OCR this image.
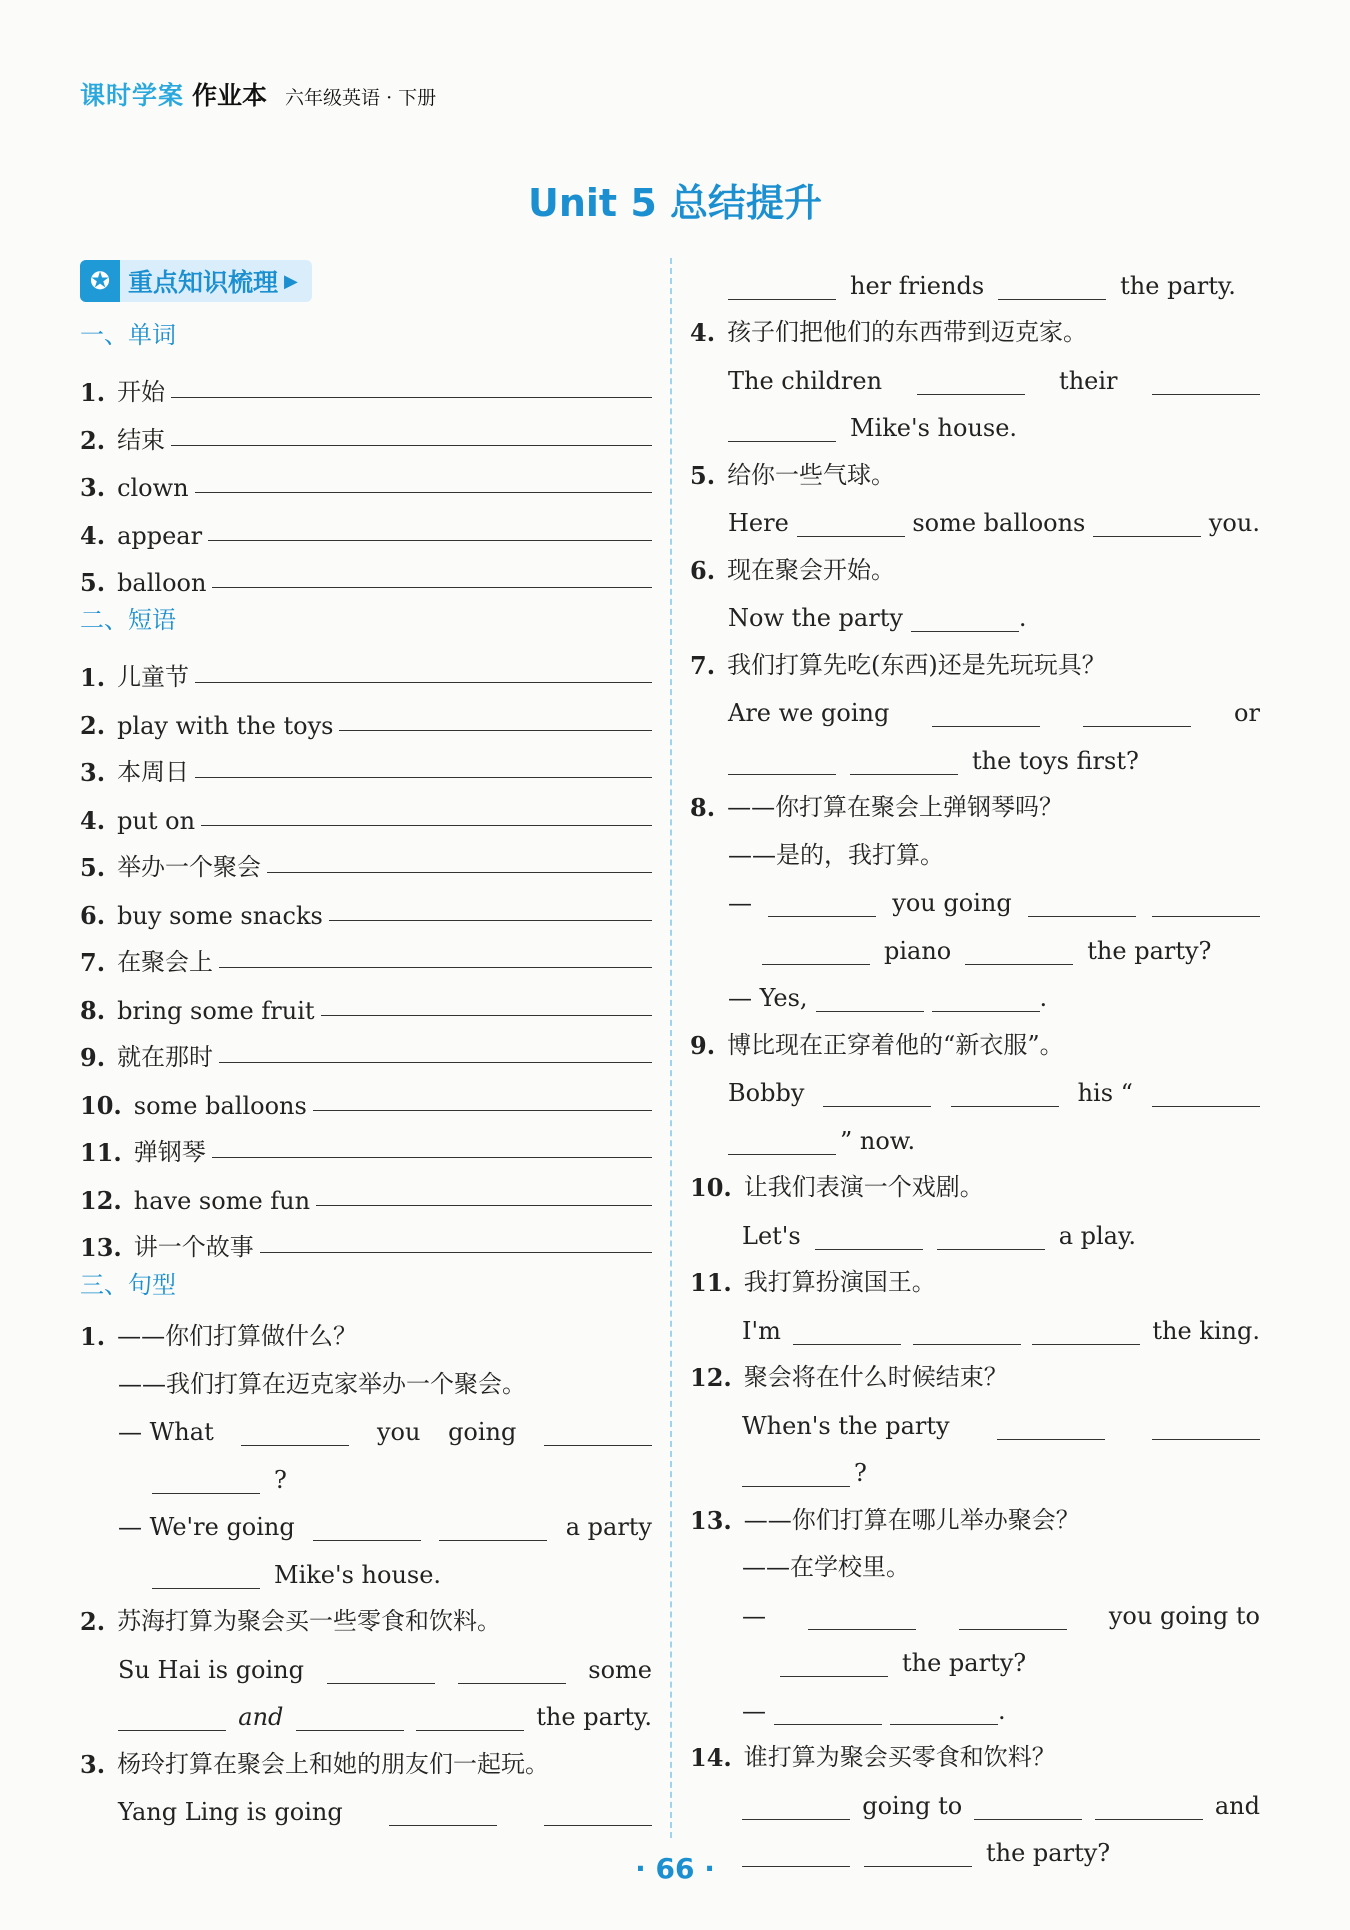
课时学案 作业本 六年级英语 · 下册
Unit 5 总结提升
✪ 重点知识梳理 ▶
一、单词
1. 开始
2. 结束
3. clown
4. appear
5. balloon
二、短语
1. 儿童节
2. play with the toys
3. 本周日
4. put on
5. 举办一个聚会
6. buy some snacks
7. 在聚会上
8. bring some fruit
9. 就在那时
10. some balloons
11. 弹钢琴
12. have some fun
13. 讲一个故事
三、句型
1. ——你们打算做什么？
——我们打算在迈克家举办一个聚会。
— What	you going
?
— We're going	a party
Mike's house.
2. 苏海打算为聚会买一些零食和饮料。
Su Hai is going	some
and	the party.
3. 杨玲打算在聚会上和她的朋友们一起玩。
Yang Ling is going
her friends	the party.
4. 孩子们把他们的东西带到迈克家。
The children	their
Mike's house.
5. 给你一些气球。
Here	some balloons	you.
6. 现在聚会开始。
Now the party	.
7. 我们打算先吃(东西)还是先玩玩具？
Are we going	or
the toys first?
8. ——你打算在聚会上弹钢琴吗？
——是的，我打算。
—	you going
piano	the party?
— Yes,	.
9. 博比现在正穿着他的“新衣服”。
Bobby	his “
” now.
10. 让我们表演一个戏剧。
Let's	a play.
11. 我打算扮演国王。
I'm	the king.
12. 聚会将在什么时候结束？
When's the party
?
13. ——你们打算在哪儿举办聚会？
——在学校里。
—	you going to
the party?
—	.
14. 谁打算为聚会买零食和饮料？
going to	and
the party?
· 66 ·
